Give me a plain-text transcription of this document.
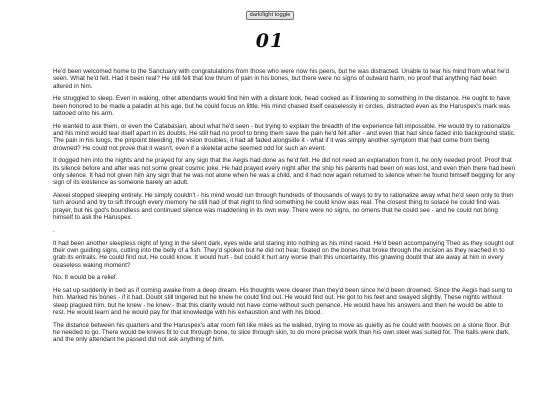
dark/light toggle
01

He'd been welcomed home to the Sanctuary with congratulations from those who were now his peers, but he was distracted. Unable to tear his mind from what he'd seen. What he'd felt. Had it been real? He still felt that low thrum of pain in his bones, but there were no signs of outward harm, no proof that anything had been altered in him.

He struggled to sleep. Even in waking, other attendants would find him with a distant look, head cocked as if listening to something in the distance. He ought to have been honored to be made a paladin at his age, but he could focus on little. His mind chased itself ceaselessly in circles, distracted even as the Haruspex's mark was tattooed onto his arm.

He wanted to ask them, or even the Catabasian, about what he'd seen - but trying to explain the breadth of the experience felt impossible. He would try to rationalize and his mind would tear itself apart in its doubts. He still had no proof to bring them save the pain he'd felt after - and even that had since faded into background static. The pain in his lungs, the pinpoint bleeding, the vision troubles, it had all faded alongside it - what if it was simply another symptom that had come from being drowned? He could not prove that it wasn't, even if a skeletal ache seemed odd for such an event.

It dogged him into the nights and he prayed for any sign that the Aegis had done as he'd felt. He did not need an explanation from it, he only needed proof. Proof that its silence before and after was not some great cosmic joke. He had prayed every night after the ship his parents had been on was lost, and even then there had been only silence. It had not given him any sign that he was not alone when he was a child, and it had now again returned to silence when he found himself begging for any sign of its existence as someone barely an adult.

Alexei stopped sleeping entirely. He simply couldn't - his mind would run through hundreds of thousands of ways to try to rationalize away what he'd seen only to then turn around and try to sift through every memory he still had of that night to find something he could know was real. The closest thing to solace he could find was prayer, but his god's boundless and continued silence was maddening in its own way. There were no signs, no omens that he could see - and he could not bring himself to ask the Haruspex.

.

It had been another sleepless night of lying in the silent dark, eyes wide and staring into nothing as his mind raced. He'd been accompanying Theo as they sought out their own guiding signs, cutting into the belly of a fish. They'd spoken but he did not hear, fixated on the bones that broke through the incision as they reached in to grab its entrails. He could find out. He could know. It would hurt - but could it hurt any worse than this uncertainty, this gnawing doubt that ate away at him in every ceaseless waking moment?

No. It would be a relief.

He sat up suddenly in bed as if coming awake from a deep dream. His thoughts were clearer than they'd been since he'd been drowned. Since the Aegis had sung to him. Marked his bones - if it had. Doubt still lingered but he knew he could find out. He would find out. He got to his feet and swayed slightly. These nights without sleep plagued him, but he knew - he knew - that this clarity would not have come without such penance. He would have his answers and then he would be able to rest. He would learn and he would pay for that knowledge with his exhaustion and with his blood.

The distance between his quarters and the Haruspex's altar room felt like miles as he walked, trying to move as quietly as he could with hooves on a stone floor. But he needed to go. There would be knives fit to cut through bone, to slice through skin, to do more precise work than his own steel was suited for. The halls were dark, and the only attendant he passed did not ask anything of him.
